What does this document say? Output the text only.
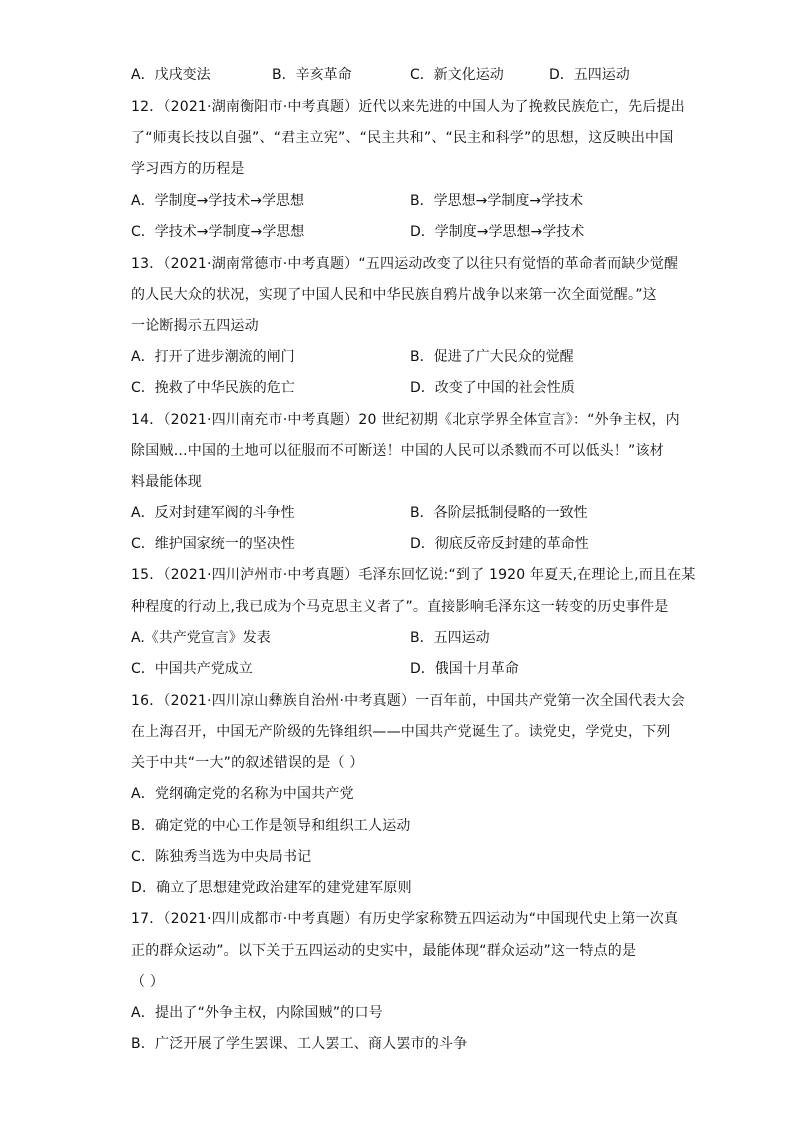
A．戊戌变法	B．辛亥革命	C．新文化运动	D．五四运动
12．（2021·湖南衡阳市·中考真题）近代以来先进的中国人为了挽救民族危亡，先后提出
了“师夷长技以自强”、“君主立宪”、“民主共和”、“民主和科学”的思想，这反映出中国
学习西方的历程是
A．学制度→学技术→学思想	B．学思想→学制度→学技术
C．学技术→学制度→学思想	D．学制度→学思想→学技术
13．（2021·湖南常德市·中考真题）“五四运动改变了以往只有觉悟的革命者而缺少觉醒
的人民大众的状况，实现了中国人民和中华民族自鸦片战争以来第一次全面觉醒。”这
一论断揭示五四运动
A．打开了进步潮流的闸门	B．促进了广大民众的觉醒
C．挽救了中华民族的危亡	D．改变了中国的社会性质
14．（2021·四川南充市·中考真题）20 世纪初期《北京学界全体宣言》：“外争主权，内
除国贼…中国的土地可以征服而不可断送！中国的人民可以杀戮而不可以低头！”该材
料最能体现
A．反对封建军阀的斗争性	B．各阶层抵制侵略的一致性
C．维护国家统一的坚决性	D．彻底反帝反封建的革命性
15．（2021·四川泸州市·中考真题）毛泽东回忆说:“到了 1920 年夏天,在理论上,而且在某
种程度的行动上,我已成为个马克思主义者了”。直接影响毛泽东这一转变的历史事件是
A.《共产党宣言》发表	B．五四运动
C．中国共产党成立	D．俄国十月革命
16．（2021·四川凉山彝族自治州·中考真题）一百年前，中国共产党第一次全国代表大会
在上海召开，中国无产阶级的先锋组织——中国共产党诞生了。读党史，学党史，下列
关于中共“一大”的叙述错误的是（ ）
A．党纲确定党的名称为中国共产党
B．确定党的中心工作是领导和组织工人运动
C．陈独秀当选为中央局书记
D．确立了思想建党政治建军的建党建军原则
17．（2021·四川成都市·中考真题）有历史学家称赞五四运动为“中国现代史上第一次真
正的群众运动”。以下关于五四运动的史实中，最能体现“群众运动”这一特点的是
（ ）
A．提出了“外争主权，内除国贼”的口号
B．广泛开展了学生罢课、工人罢工、商人罢市的斗争
